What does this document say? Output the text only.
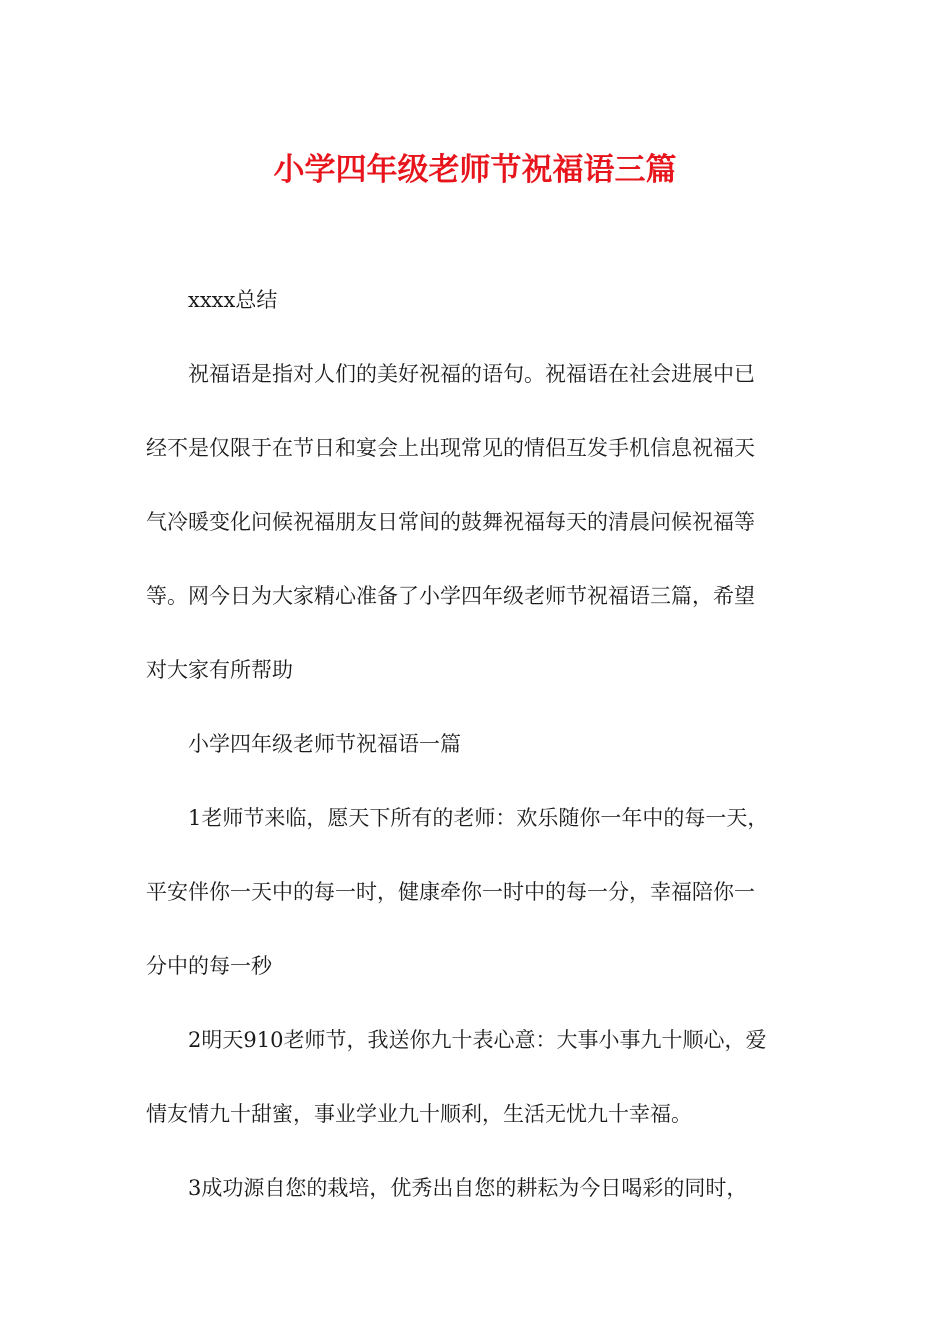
小学四年级老师节祝福语三篇

xxxx总结

祝福语是指对人们的美好祝福的语句。祝福语在社会进展中已

经不是仅限于在节日和宴会上出现常见的情侣互发手机信息祝福天

气冷暖变化问候祝福朋友日常间的鼓舞祝福每天的清晨问候祝福等

等。网今日为大家精心准备了小学四年级老师节祝福语三篇，希望

对大家有所帮助

小学四年级老师节祝福语一篇

1老师节来临，愿天下所有的老师：欢乐随你一年中的每一天，

平安伴你一天中的每一时，健康牵你一时中的每一分，幸福陪你一

分中的每一秒

2明天910老师节，我送你九十表心意：大事小事九十顺心，爱

情友情九十甜蜜，事业学业九十顺利，生活无忧九十幸福。

3成功源自您的栽培，优秀出自您的耕耘为今日喝彩的同时，
